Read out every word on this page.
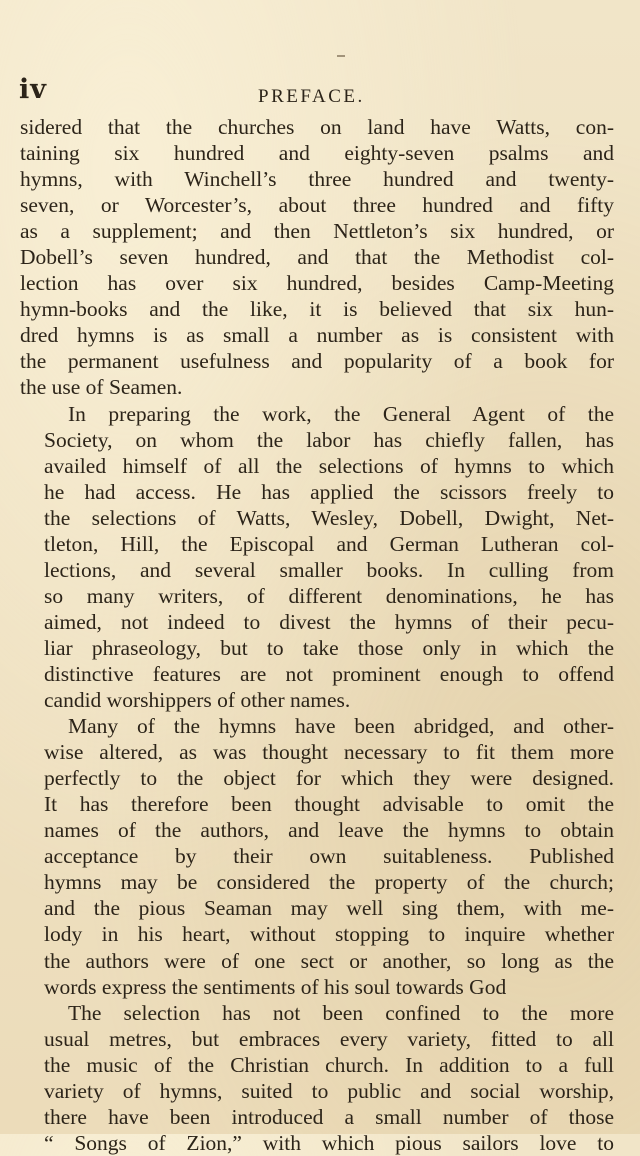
iv	PREFACE.
sidered that the churches on land have Watts, con-
taining six hundred and eighty-seven psalms and
hymns, with Winchell’s three hundred and twenty-
seven, or Worcester’s, about three hundred and fifty
as a supplement; and then Nettleton’s six hundred, or
Dobell’s seven hundred, and that the Methodist col-
lection has over six hundred, besides Camp-Meeting
hymn-books and the like, it is believed that six hun-
dred hymns is as small a number as is consistent with
the permanent usefulness and popularity of a book for
the use of Seamen.
In preparing the work, the General Agent of the
Society, on whom the labor has chiefly fallen, has
availed himself of all the selections of hymns to which
he had access. He has applied the scissors freely to
the selections of Watts, Wesley, Dobell, Dwight, Net-
tleton, Hill, the Episcopal and German Lutheran col-
lections, and several smaller books. In culling from
so many writers, of different denominations, he has
aimed, not indeed to divest the hymns of their pecu-
liar phraseology, but to take those only in which the
distinctive features are not prominent enough to offend
candid worshippers of other names.
Many of the hymns have been abridged, and other-
wise altered, as was thought necessary to fit them more
perfectly to the object for which they were designed.
It has therefore been thought advisable to omit the
names of the authors, and leave the hymns to obtain
acceptance by their own suitableness. Published
hymns may be considered the property of the church;
and the pious Seaman may well sing them, with me-
lody in his heart, without stopping to inquire whether
the authors were of one sect or another, so long as the
words express the sentiments of his soul towards God
The selection has not been confined to the more
usual metres, but embraces every variety, fitted to all
the music of the Christian church. In addition to a full
variety of hymns, suited to public and social worship,
there have been introduced a small number of those
“ Songs of Zion,” with which pious sailors love to
